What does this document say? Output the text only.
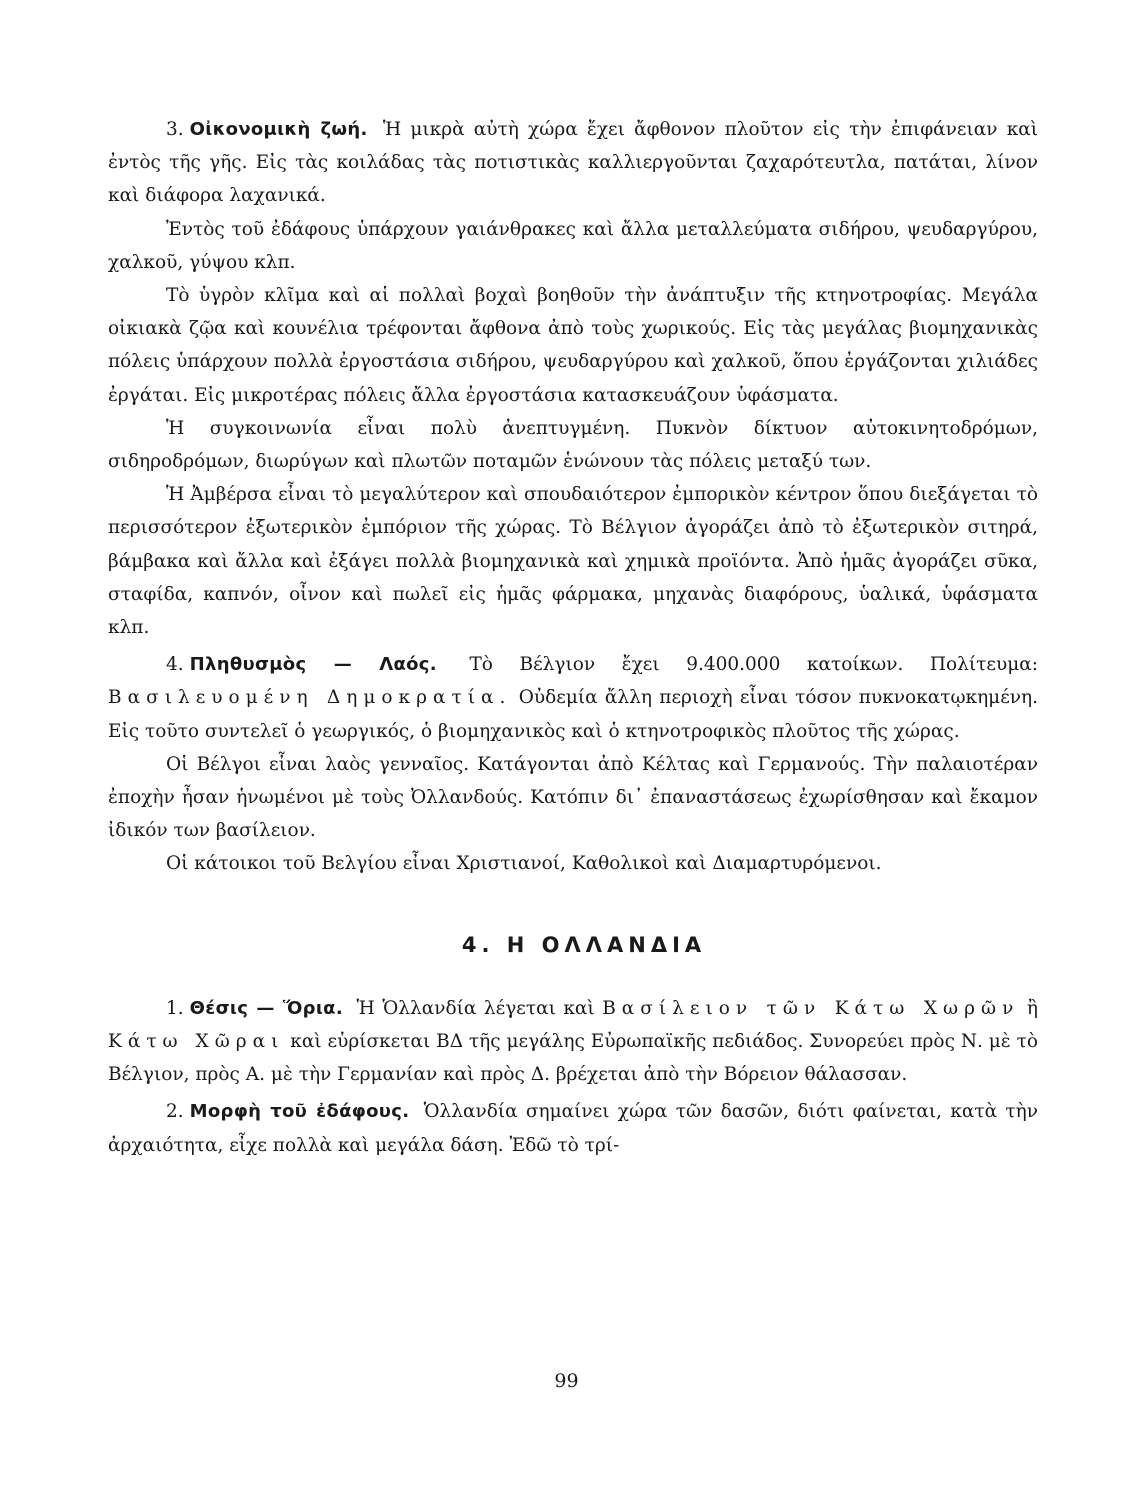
3. Οἰκονομικὴ ζωή. Ἡ μικρὰ αὐτὴ χώρα ἔχει ἄφθονον πλοῦτον εἰς τὴν ἐπιφάνειαν καὶ ἐντὸς τῆς γῆς. Εἰς τὰς κοιλάδας τὰς ποτιστικὰς καλλιεργοῦνται ζαχαρότευτλα, πατάται, λίνον καὶ διάφορα λαχανικά.

Ἐντὸς τοῦ ἐδάφους ὑπάρχουν γαιάνθρακες καὶ ἄλλα μεταλλεύματα σιδήρου, ψευδαργύρου, χαλκοῦ, γύψου κλπ.

Τὸ ὑγρὸν κλῖμα καὶ αἱ πολλαὶ βοχαὶ βοηθοῦν τὴν ἀνάπτυξιν τῆς κτηνοτροφίας. Μεγάλα οἰκιακὰ ζῷα καὶ κουνέλια τρέφονται ἄφθονα ἀπὸ τοὺς χωρικούς. Εἰς τὰς μεγάλας βιομηχανικὰς πόλεις ὑπάρχουν πολλὰ ἐργοστάσια σιδήρου, ψευδαργύρου καὶ χαλκοῦ, ὅπου ἐργάζονται χιλιάδες ἐργάται. Εἰς μικροτέρας πόλεις ἄλλα ἐργοστάσια κατασκευάζουν ὑφάσματα.

Ἡ συγκοινωνία εἶναι πολὺ ἀνεπτυγμένη. Πυκνὸν δίκτυον αὐτοκινητοδρόμων, σιδηροδρόμων, διωρύγων καὶ πλωτῶν ποταμῶν ἑνώνουν τὰς πόλεις μεταξύ των.

Ἡ Ἀμβέρσα εἶναι τὸ μεγαλύτερον καὶ σπουδαιότερον ἐμπορικὸν κέντρον ὅπου διεξάγεται τὸ περισσότερον ἐξωτερικὸν ἐμπόριον τῆς χώρας. Τὸ Βέλγιον ἀγοράζει ἀπὸ τὸ ἐξωτερικὸν σιτηρά, βάμβακα καὶ ἄλλα καὶ ἐξάγει πολλὰ βιομηχανικὰ καὶ χημικὰ προϊόντα. Ἀπὸ ἡμᾶς ἀγοράζει σῦκα, σταφίδα, καπνόν, οἶνον καὶ πωλεῖ εἰς ἡμᾶς φάρμακα, μηχανὰς διαφόρους, ὑαλικά, ὑφάσματα κλπ.

4. Πληθυσμὸς — Λαός. Τὸ Βέλγιον ἔχει 9.400.000 κατοίκων. Πολίτευμα: Βασιλευομένη Δημοκρατία. Οὐδεμία ἄλλη περιοχὴ εἶναι τόσον πυκνοκατῳκημένη. Εἰς τοῦτο συντελεῖ ὁ γεωργικός, ὁ βιομηχανικὸς καὶ ὁ κτηνοτροφικὸς πλοῦτος τῆς χώρας.

Οἱ Βέλγοι εἶναι λαὸς γενναῖος. Κατάγονται ἀπὸ Κέλτας καὶ Γερμανούς. Τὴν παλαιοτέραν ἐποχὴν ἦσαν ἡνωμένοι μὲ τοὺς Ὀλλανδούς. Κατόπιν δι᾽ ἐπαναστάσεως ἐχωρίσθησαν καὶ ἔκαμον ἰδικόν των βασίλειον.

Οἱ κάτοικοι τοῦ Βελγίου εἶναι Χριστιανοί, Καθολικοὶ καὶ Διαμαρτυρόμενοι.

4. Η ΟΛΛΑΝΔΙΑ

1. Θέσις — Ὅρια. Ἡ Ὁλλανδία λέγεται καὶ Βασίλειον τῶν Κάτω Χωρῶν ἢ Κάτω Χῶραι καὶ εὑρίσκεται ΒΔ τῆς μεγάλης Εὐρωπαϊκῆς πεδιάδος. Συνορεύει πρὸς Ν. μὲ τὸ Βέλγιον, πρὸς Α. μὲ τὴν Γερμανίαν καὶ πρὸς Δ. βρέχεται ἀπὸ τὴν Βόρειον θάλασσαν.

2. Μορφὴ τοῦ ἐδάφους. Ὁλλανδία σημαίνει χώρα τῶν δασῶν, διότι φαίνεται, κατὰ τὴν ἀρχαιότητα, εἶχε πολλὰ καὶ μεγάλα δάση. Ἐδῶ τὸ τρί-

99
